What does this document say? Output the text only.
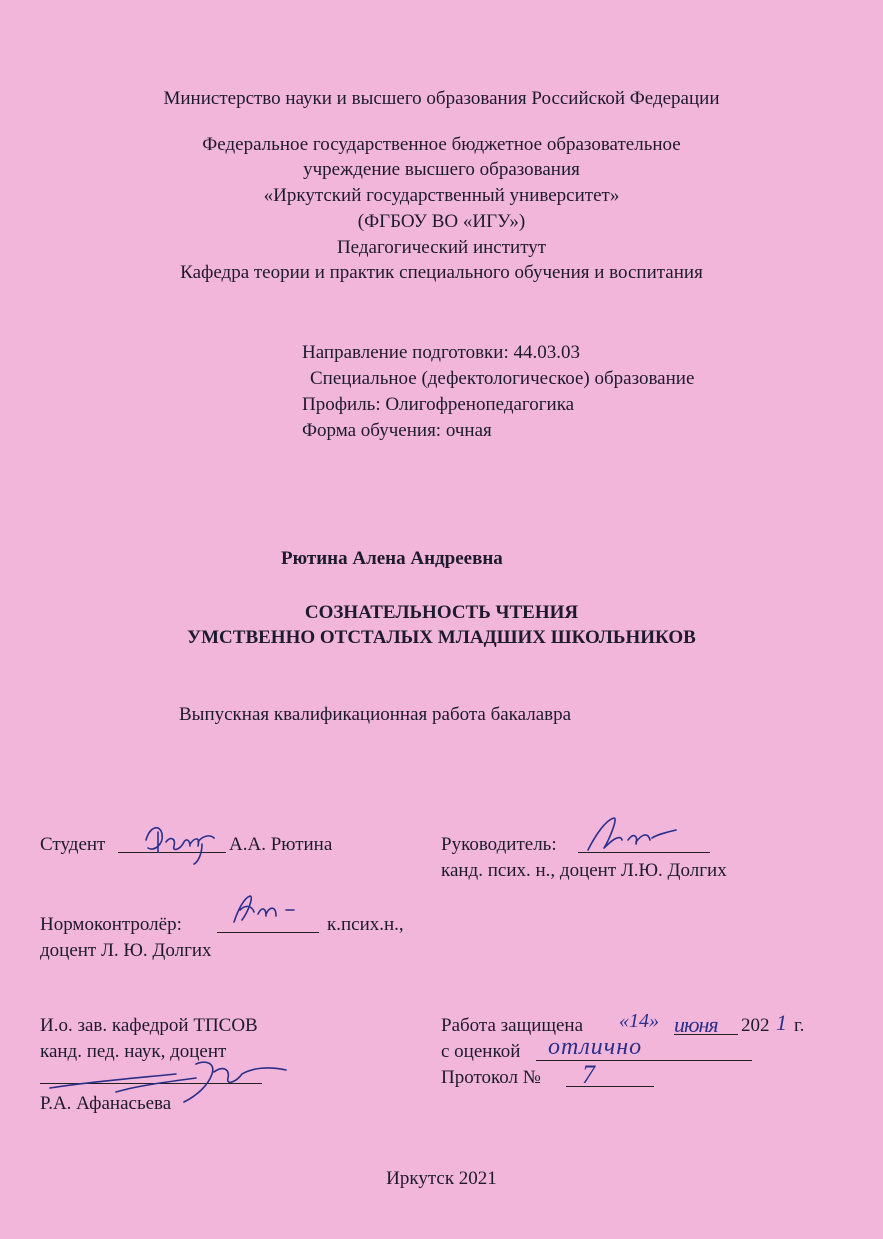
Министерство науки и высшего образования Российской Федерации
Федеральное государственное бюджетное образовательное
учреждение высшего образования
«Иркутский государственный университет»
(ФГБОУ ВО «ИГУ»)
Педагогический институт
Кафедра теории и практик специального обучения и воспитания
Направление подготовки: 44.03.03
Специальное (дефектологическое) образование
Профиль: Олигофренопедагогика
Форма обучения: очная
Рютина Алена Андреевна
СОЗНАТЕЛЬНОСТЬ ЧТЕНИЯ
УМСТВЕННО ОТСТАЛЫХ МЛАДШИХ ШКОЛЬНИКОВ
Выпускная квалификационная работа бакалавра
Студент	А.А. Рютина	Руководитель:
канд. псих. н., доцент Л.Ю. Долгих
Нормоконтролёр:	к.псих.н.,
доцент Л. Ю. Долгих
И.о. зав. кафедрой ТПСОВ
канд. пед. наук, доцент
Р.А. Афанасьева
Работа защищена «14» июня 202 1 г.
с оценкой отлично
Протокол № 7
Иркутск 2021
